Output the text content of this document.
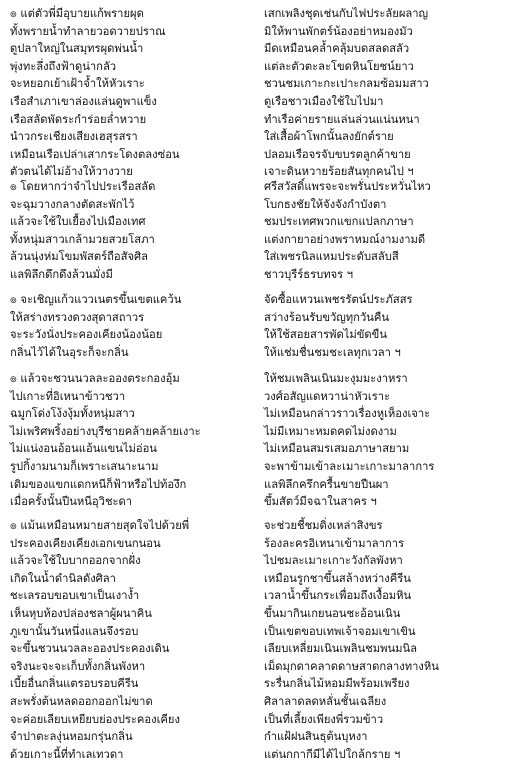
๏ แต่ตัวพี่มีอุบายแก้พรายผุด
ทั้งพรายน้ำทำลายวอดวายปราณ
ดูปลาใหญ่ในสมุทรผุดพ่นน้ำ
พุ่งทะลึ่งถึงฟ้าดูน่ากลัว
จะหยอกเย้าเฝ้าจ้ำให้หัวเราะ
เรือสำเภาเขาล่องแล่นดูพาแข็ง
เรือสลัดพัดระกำร่อยล่ำหวาย
นำวกระเชียงเสียงเฮสุรสรา
เหมือนเรือเปล่าเสากระโดงตลงซ่อน
ตัวตนได้ไม่อ้างให้วางวาย
เสกเพลิงชุดเช่นกับไฟประลัยผลาญ
มิให้พานพักตร์น้องอย่าหมองมัว
มีดเหมือนคล้ำคลุ้มบดสลดสลัว
แต่ละตัวตะละโขดหินโยชน์ยาว
ชวนชมเกาะกะเปาะกลมซ้อมมสาว
ดูเรือชาวเมืองใช้ใบไปมา
ทำเรือค่ายรายแล่นล่วนแน่นหนา
ใส่เสื้อผ้าโพกนั้นลงยักต์ราย
ปลอมเรือจรจับขบรตลูกค้าขาย
เจาะดินหวายร้อยสันทุกคนไป ฯ
๏ โดยหากว่าจำไปประเรือสลัด
จะฉุมวางกลางตัดสะพักไว้
แล้วจะใช้ใบเยื้องไปเมืองเทศ
ทั้งหนุ่มสาวเกล้ามวยสวยโสภา
ล้วนนุ่งห่มโขมพัสตร์ถือสัจศิล
แลพิลึกดึกดึงล้วนมั่งมี
ศรีสวัสดิ์แพรจะจะพรั่นประหวั่นไหว
โบกธงชัยให้จังจังกำบังตา
ชมประเทศพวกแขกแปลกภาษา
แต่งกายาอย่างพราหมณ์งามงามดี
ใส่เพชรนิลแหมประดับสลับสี
ชาวบุรีร์ธรบทจร ฯ
๏ จะเชิญแก้วแววเนตรขึ้นเขตแคว้น
ให้สร่างทรวงดวงสุดาสถาวร
จะระวังนั่งประคองเคียงน้องน้อย
กลิ่นไว้ได้ในอุระก็จะกลิ่น
จัดซื้อแหวนเพชรรัตน์ประภัสสร
สว่างร้อนรับขวัญทุกวันคืน
ให้ใช้สอยสารพัดไม่ขัดขืน
ให้แช่มชื่นชมชะเลทุกเวลา ฯ
๏ แล้วจะชวนนวลละอองตระกองอุ้ม
ไปเกาะที่อิเหนาข้าวชวา
ฉมูกโด่งโง้งงุ้มทั้งหนุ่มสาว
ไม่เพริศพริ้งอย่างบุรีชายคล้ายคล้ายเงาะ
ไม่แน่งอนอ้อนแอ้นแขนไม่อ่อน
รูปกิ้งามนามก็เพราะเสนาะนาม
เดิมของแขกแดกหนีก็ฟ้าหรือไปท้องึก
เมื่อครั้งนั้นปีนหนีอุวิชะดา
ให้ชมเพลินเนินมะงุมมะงาหรา
วงศ์อสัญแดหวาน่าหัวเราะ
ไม่เหมือนกล่าวราวเรื่องหูเห็องเจาะ
ไม่มีเหมาะหมดคดไม่งดงาม
ไม่เหมือนสมรเสมอภาษาสยาม
จะพาข้ามเข้าละเมาะเกาะมาลาการ
แลพิลึกครึกครื้นขายปืนผา
ขึ้มสัตว์มีจฉาในสาคร ฯ
๏ แม้นเหมือนหมายสายสุดใจไปด้วยพี่
ประคองเคียงเคียงเอกเขนกนอน
แล้วจะใช้ใบบากออกจากฝั่ง
เกิดในน้ำดำนิลดังศิลา
ชะเลรอบขอบเขาเป็นเงาง้ำ
เห็นหุบห้องปล่องชลาผู้ผนาคิน
ภูเขานั้นวันหนึ่งแลนจึงรอบ
จะขึ้นชวนนวลละอองประคองเดิน
จริงนะจะจะเก็บทั้งกลิ่นพังหา
เบี้ยอื่นกลิ่นแตรอบรอบคีรีน
สะพรั่งต้นหลดออกออกไม่ขาด
จะค่อยเลียบเหยียบย่องประคองเคียง
จำปาตะลงุ่นหอมกรุ่นกลิ่น
ด้วยเกาะนี้ที่ทำเลเทวดา
จะช่วยชี้ชมดิ่งเหล่าสิงขร
ร้องละครอิเหนาเข้ามาลาการ
ไปชมละเมาะเกาะวังกัลพังหา
เหมือนรูกชาขึ้นสล้างหว่างคีรีน
เวลาน้ำขึ้นกระเพื่อมถึงเงื้อมหิน
ขึ้นมากินเกยนอนชะอ้อนเนิน
เป็นเขตขอบเทพเจ้าจอมเขาเขิน
เลียบเหลี่ยมเนินเพลินชมพนมนิล
เม็ดมุกดาคลาดดาษสาดกลางทางหิน
ระรื่นกลิ่นไม้หอมมีพร้อมเพรียง
ศิลาลาดลดหลั่นชั้นเฉลียง
เป็นที่เลี้ยงเพียงพี่รวมข้าว
กำแฝ้ฝนสินธุต้นบุหงา
แต่นกกากีมีได้ไปใกล้กราย ฯ
